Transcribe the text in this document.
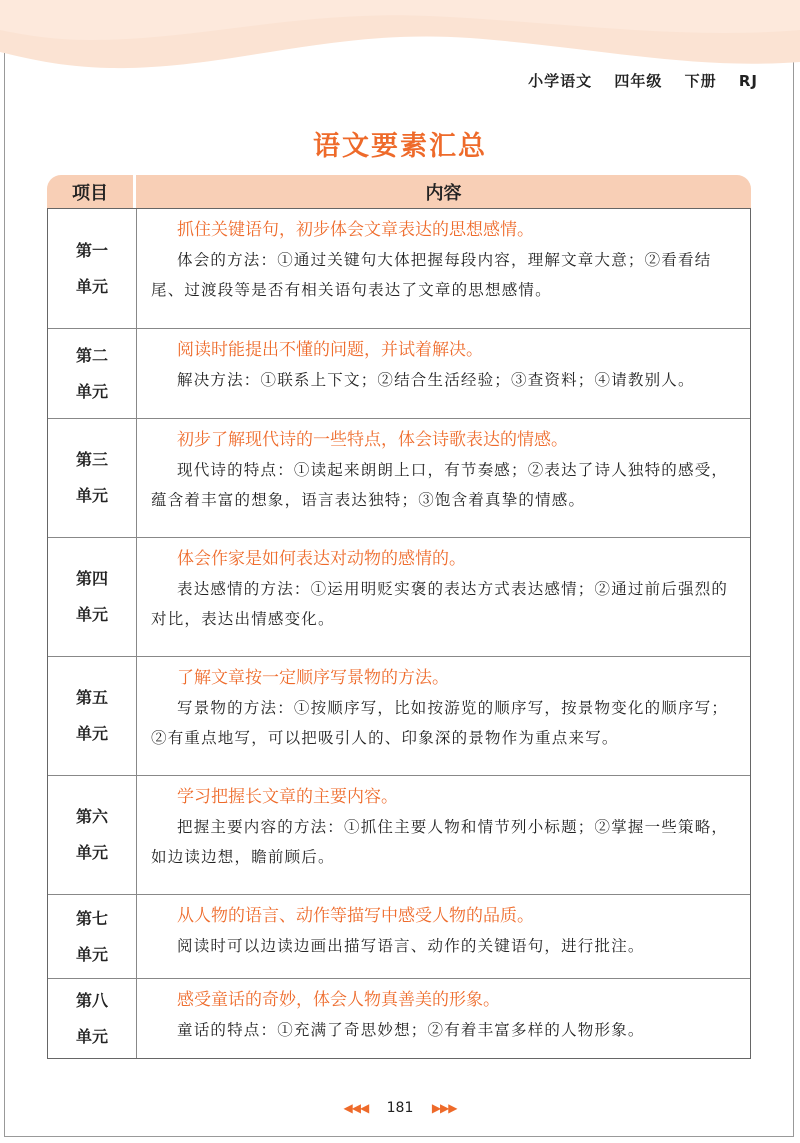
小学语文 四年级 下册 RJ
语文要素汇总
项目	内容
第一
单元
抓住关键语句，初步体会文章表达的思想感情。
体会的方法：①通过关键句大体把握每段内容，理解文章大意；②看看结尾、过渡段等是否有相关语句表达了文章的思想感情。
第二
单元
阅读时能提出不懂的问题，并试着解决。
解决方法：①联系上下文；②结合生活经验；③查资料；④请教别人。
第三
单元
初步了解现代诗的一些特点，体会诗歌表达的情感。
现代诗的特点：①读起来朗朗上口，有节奏感；②表达了诗人独特的感受，蕴含着丰富的想象，语言表达独特；③饱含着真挚的情感。
第四
单元
体会作家是如何表达对动物的感情的。
表达感情的方法：①运用明贬实褒的表达方式表达感情；②通过前后强烈的对比，表达出情感变化。
第五
单元
了解文章按一定顺序写景物的方法。
写景物的方法：①按顺序写，比如按游览的顺序写，按景物变化的顺序写；②有重点地写，可以把吸引人的、印象深的景物作为重点来写。
第六
单元
学习把握长文章的主要内容。
把握主要内容的方法：①抓住主要人物和情节列小标题；②掌握一些策略，如边读边想，瞻前顾后。
第七
单元
从人物的语言、动作等描写中感受人物的品质。
阅读时可以边读边画出描写语言、动作的关键语句，进行批注。
第八
单元
感受童话的奇妙，体会人物真善美的形象。
童话的特点：①充满了奇思妙想；②有着丰富多样的人物形象。
◀◀◀ 181 ▶▶▶
